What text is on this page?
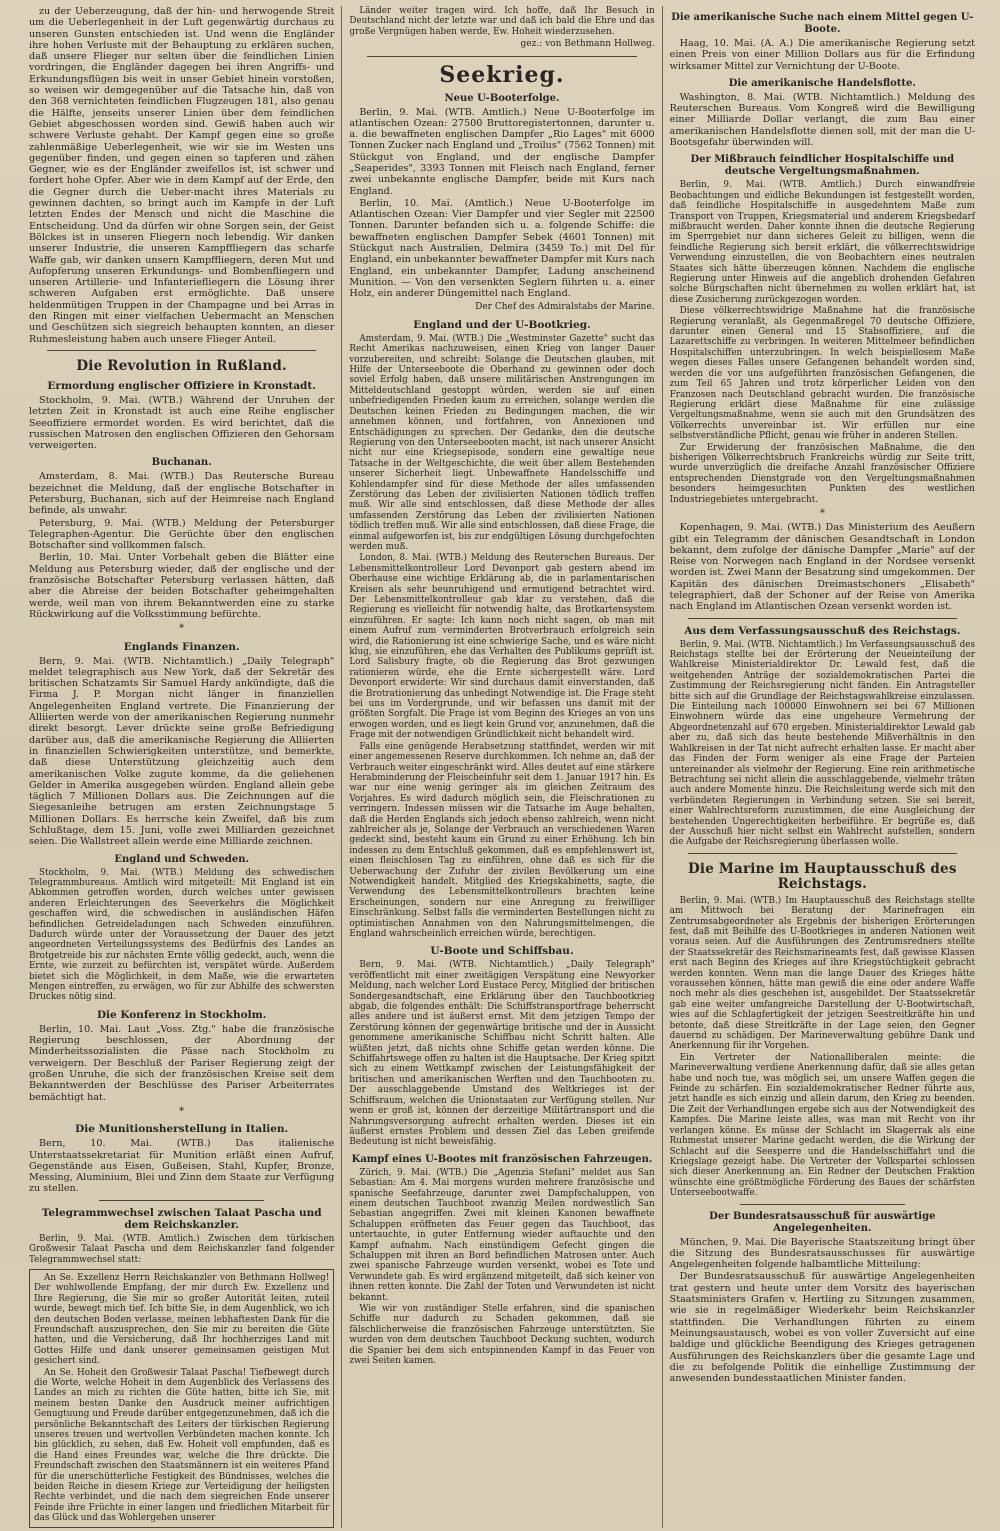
zu der Ueberzeugung, daß der hin- und herwogende Streit um die Ueberlegenheit in der Luft gegenwärtig durchaus zu unseren Gunsten entschieden ist. Und wenn die Engländer ihre hohen Verluste mit der Behauptung zu erklären suchen, daß unsere Flieger nur selten über die feindlichen Linien vordringen, die Engländer dagegen bei ihren Angriffs- und Erkundungsflügen bis weit in unser Gebiet hinein vorstoßen, so weisen wir demgegenüber auf die Tatsache hin, daß von den 368 vernichteten feindlichen Flugzeugen 181, also genau die Hälfte, jenseits unserer Linien über dem feindlichen Gebiet abgeschossen worden sind. Gewiß haben auch wir schwere Verluste gehabt. Der Kampf gegen eine so große zahlenmäßige Ueberlegenheit, wie wir sie im Westen uns gegenüber finden, und gegen einen so tapferen und zähen Gegner, wie es der Engländer zweifellos ist, ist schwer und fordert hohe Opfer. Aber wie in dem Kampf auf der Erde, den die Gegner durch die Ueber-macht ihres Materials zu gewinnen dachten, so bringt auch im Kampfe in der Luft letzten Endes der Mensch und nicht die Maschine die Entscheidung. Und da dürfen wir ohne Sorgen sein, der Geist Bölckes ist in unseren Fliegern noch lebendig. Wir danken unserer Industrie, die unseren Kampffliegern das scharfe Waffe gab, wir danken unsern Kampffliegern, deren Mut und Aufopferung unseren Erkundungs- und Bombenfliegern und unseren Artillerie- und Infanteriefliegern die Lösung ihrer schweren Aufgaben erst ermöglichte. Daß unsere heldenmütigen Truppen in der Champagne und bei Arras in den Ringen mit einer vielfachen Uebermacht an Menschen und Geschützen sich siegreich behaupten konnten, an dieser Ruhmesleistung haben auch unsere Flieger Anteil.

Die Revolution in Rußland.
Ermordung englischer Offiziere in Kronstadt.

Stockholm, 9. Mai. (WTB.) Während der Unruhen der letzten Zeit in Kronstadt ist auch eine Reihe englischer Seeoffiziere ermordet worden. Es wird berichtet, daß die russischen Matrosen den englischen Offizieren den Gehorsam verweigerten.

Buchanan.

Amsterdam, 8. Mai. (WTB.) Das Reutersche Bureau bezeichnet die Meldung, daß der englische Botschafter in Petersburg, Buchanan, sich auf der Heimreise nach England befinde, als unwahr.

Petersburg, 9. Mai. (WTB.) Meldung der Petersburger Telegraphen-Agentur. Die Gerüchte über den englischen Botschafter sind vollkommen falsch.

Berlin, 10. Mai. Unter Vorbehalt geben die Blätter eine Meldung aus Petersburg wieder, daß der englische und der französische Botschafter Petersburg verlassen hätten, daß aber die Abreise der beiden Botschafter geheimgehalten werde, weil man von ihrem Bekanntwerden eine zu starke Rückwirkung auf die Volksstimmung befürchte.

*
Englands Finanzen.

Bern, 9. Mai. (WTB. Nichtamtlich.) „Daily Telegraph" meldet telegraphisch aus New York, daß der Sekretär des britischen Schatzamts Sir Samuel Hardy ankündigte, daß die Firma J. P. Morgan nicht länger in finanziellen Angelegenheiten England vertrete. Die Finanzierung der Alliierten werde von der amerikanischen Regierung nunmehr direkt besorgt. Lever drückte seine große Befriedigung darüber aus, daß die amerikanische Regierung die Alliierten in finanziellen Schwierigkeiten unterstütze, und bemerkte, daß diese Unterstützung gleichzeitig auch dem amerikanischen Volke zugute komme, da die geliehenen Gelder in Amerika ausgegeben würden. England allein gebe täglich 7 Millionen Dollars aus. Die Zeichnungen auf die Siegesanleihe betrugen am ersten Zeichnungstage 5 Millionen Dollars. Es herrsche kein Zweifel, daß bis zum Schlußtage, dem 15. Juni, volle zwei Milliarden gezeichnet seien. Die Wallstreet allein werde eine Milliarde zeichnen.

England und Schweden.

Stockholm, 9. Mai. (WTB.) Meldung des schwedischen Telegrammbureaus. Amtlich wird mitgeteilt: Mit England ist ein Abkommen getroffen worden, durch welches unter gewissen anderen Erleichterungen des Seeverkehrs die Möglichkeit geschaffen wird, die schwedischen in ausländischen Häfen befindlichen Getreideladungen nach Schweden einzuführen. Dadurch würde unter der Voraussetzung der Dauer des jetzt angeordneten Verteilungssystems des Bedürfnis des Landes an Brotgetreide bis zur nächsten Ernte völlig gedeckt, auch, wenn die Ernte, wie zurzeit zu befürchten ist, verspätet würde. Außerdem bietet sich die Möglichkeit, in dem Maße, wie die erwarteten Mengen eintreffen, zu erwägen, wo für zur Abhilfe des schwersten Druckes nötig sind.

Die Konferenz in Stockholm.

Berlin, 10. Mai. Laut „Voss. Ztg." habe die französische Regierung beschlossen, der Abordnung der Minderheitssozialisten die Pässe nach Stockholm zu verweigern. Der Beschluß der Pariser Regierung zeigt der großen Unruhe, die sich der französischen Kreise seit dem Bekanntwerden der Beschlüsse des Pariser Arbeiterrates bemächtigt hat.

*
Die Munitionsherstellung in Italien.

Bern, 10. Mai. (WTB.) Das italienische Unterstaatssekretariat für Munition erläßt einen Aufruf, Gegenstände aus Eisen, Gußeisen, Stahl, Kupfer, Bronze, Messing, Aluminium, Blei und Zinn dem Staate zur Verfügung zu stellen.

Telegrammwechsel zwischen Talaat Pascha und dem Reichskanzler.

Berlin, 9. Mai. (WTB. Amtlich.) Zwischen dem türkischen Großwesir Talaat Pascha und dem Reichskanzler fand folgender Telegrammwechsel statt:

An Se. Exzellenz Herrn Reichskanzler von Bethmann Hollweg! Der wohlwollende Empfang, der mir durch Ew. Exzellenz und Ihre Regierung, die Sie mir so großer Autorität leiten, zuteil wurde, bewegt mich tief. Ich bitte Sie, in dem Augenblick, wo ich den deutschen Boden verlasse, meinen lebhaftesten Dank für die Freundschaft auszusprechen, den Sie mir zu bereiten die Güte hatten, und die Versicherung, daß Ihr hochherziges Land mit Gottes Hilfe und dank unserer gemeinsamen geistigen Mut gesichert sind.

An Se. Hoheit den Großwesir Talaat Pascha! Tiefbewegt durch die Worte, welche Hoheit in dem Augenblick des Verlassens des Landes an mich zu richten die Güte hatten, bitte ich Sie, mit meinem besten Danke den Ausdruck meiner aufrichtigen Genugtuung und Freude darüber entgegenzunehmen, daß ich die persönliche Bekanntschaft des Leiters der türkischen Regierung unseres treuen und wertvollen Verbündeten machen konnte. Ich bin glücklich, zu sehen, daß Ew. Hoheit voll empfunden, daß es die Hand eines Freundes war, welche die Ihre drückte. Die Freundschaft zwischen den Staatsmännern ist ein weiteres Pfand für die unerschütterliche Festigkeit des Bündnisses, welches die beiden Reiche in diesem Kriege zur Verteidigung der heiligsten Rechte verbindet, und die nach dem siegreichen Ende unserer Feinde ihre Früchte in einer langen und friedlichen Mitarbeit für das Glück und das Wohlergehen unserer

Länder weiter tragen wird. Ich hoffe, daß Ihr Besuch in Deutschland nicht der letzte war und daß ich bald die Ehre und das große Vergnügen haben werde, Ew. Hoheit wiederzusehen.

gez.: von Bethmann Hollweg.
Seekrieg.
Neue U-Booterfolge.

Berlin, 9. Mai. (WTB. Amtlich.) Neue U-Booterfolge im atlantischen Ozean: 27500 Bruttoregistertonnen, darunter u. a. die bewaffneten englischen Dampfer „Rio Lages" mit 6000 Tonnen Zucker nach England und „Troilus" (7562 Tonnen) mit Stückgut von England, und der englische Dampfer „Seaperides", 3393 Tonnen mit Fleisch nach England, ferner zwei unbekannte englische Dampfer, beide mit Kurs nach England.

Berlin, 10. Mai. (Amtlich.) Neue U-Booterfolge im Atlantischen Ozean: Vier Dampfer und vier Segler mit 22500 Tonnen. Darunter befanden sich u. a. folgende Schiffe: die bewaffneten englischen Dampfer Sebek (4601 Tonnen) mit Stückgut nach Australien, Delmira (3459 To.) mit Del für England, ein unbekannter bewaffneter Dampfer mit Kurs nach England, ein unbekannter Dampfer, Ladung anscheinend Munition. — Von den versenkten Seglern führten u. a. einer Holz, ein anderer Düngemittel nach England.

Der Chef des Admiralstabs der Marine.
England und der U-Bootkrieg.

Amsterdam, 9. Mai. (WTB.) Die „Westminster Gazette" sucht das Recht Amerikas nachzuweisen, einen Krieg von langer Dauer vorzubereiten, und schreibt: Solange die Deutschen glauben, mit Hilfe der Unterseeboote die Oberhand zu gewinnen oder doch soviel Erfolg haben, daß unsere militärischen Anstrengungen im Mitteldeutschland gestoppt würden, werden sie auf einen unbefriedigenden Frieden kaum zu erreichen, solange werden die Deutschen keinen Frieden zu Bedingungen machen, die wir annehmen können, und fortfahren, von Annexionen und Entschädigungen zu sprechen. Der Gedanke, den die deutsche Regierung von den Unterseebooten macht, ist nach unserer Ansicht nicht nur eine Kriegsepisode, sondern eine gewaltige neue Tatsache in der Weltgeschichte, die weit über allem Bestehenden unserer Sicherheit liegt. Unbewaffnete Handelsschiffe und Kohlendampfer sind für diese Methode der alles umfassenden Zerstörung das Leben der zivilisierten Nationen tödlich treffen muß. Wir alle sind entschlossen, daß diese Methode der alles umfassenden Zerstörung das Leben der zivilisierten Nationen tödlich treffen muß. Wir alle sind entschlossen, daß diese Frage, die einmal aufgeworfen ist, bis zur endgültigen Lösung durchgefochten werden muß.

London, 8. Mai. (WTB.) Meldung des Reuterschen Bureaus. Der Lebensmittelkontrolleur Lord Devonport gab gestern abend im Oberhause eine wichtige Erklärung ab, die in parlamentarischen Kreisen als sehr beunruhigend und ermutigend betrachtet wird. Der Lebensmittelkontrolleur gab klar zu verstehen, daß die Regierung es vielleicht für notwendig halte, das Brotkartensystem einzuführen. Er sagte: Ich kann noch nicht sagen, ob man mit einem Aufruf zum verminderten Brotverbrauch erfolgreich sein wird, die Rationierung ist eine schwierige Sache, und es wäre nicht klug, sie einzuführen, ehe das Verhalten des Publikums geprüft ist. Lord Salisbury fragte, ob die Regierung das Brot gezwungen rationieren würde, ehe die Ernte sichergestellt wäre. Lord Devonport erwiderte: Wir sind durchaus damit einverstanden, daß die Brotrationierung das unbedingt Notwendige ist. Die Frage steht bei uns im Vordergrunde, und wir befassen uns damit mit der größten Sorgfalt. Die Frage ist vom Beginn des Krieges an von uns erwogen worden, und es liegt kein Grund vor, anzunehmen, daß die Frage mit der notwendigen Gründlichkeit nicht behandelt wird.

Falls eine genügende Herabsetzung stattfindet, werden wir mit einer angemessenen Reserve durchkommen. Ich nehme an, daß der Verbrauch weiter eingeschränkt wird. Alles deutet auf eine stärkere Herabminderung der Fleischeinfuhr seit dem 1. Januar 1917 hin. Es war nur eine wenig geringer als im gleichen Zeitraum des Vorjahres. Es wird dadurch möglich sein, die Fleischrationen zu verringern. Indessen müssen wir die Tatsache im Auge behalten, daß die Herden Englands sich jedoch ebenso zahlreich, wenn nicht zahlreicher als je, Solange der Verbrauch an verschiedenen Waren gedeckt sind, besteht kaum ein Grund zu einer Erhöhung. Ich bin indessen zu dem Entschluß gekommen, daß es empfehlenswert ist, einen fleischlosen Tag zu einführen, ohne daß es sich für die Ueberwachung der Zufuhr der zivilen Bevölkerung um eine Notwendigkeit handelt. Mitglied des Kriegskabinetts, sagte, die Verwendung des Lebensmittelkontrolleurs brachten keine Erscheinungen, sondern nur eine Anregung zu freiwilliger Einschränkung. Selbst falls die verminderten Bestellungen nicht zu optimistischen Annahmen von den Nahrungsmittelmengen, die England wahrscheinlich erreichen würde, berechtigen.

U-Boote und Schiffsbau.

Bern, 9. Mai. (WTB. Nichtamtlich.) „Daily Telegraph" veröffentlicht mit einer zweitägigen Verspätung eine Newyorker Meldung, nach welcher Lord Eustace Percy, Mitglied der britischen Sondergesandtschaft, eine Erklärung über den Tauchbootkrieg abgab, die folgendes enthält: Die Schiffstransportfrage beherrscht alles andere und ist äußerst ernst. Mit dem jetzigen Tempo der Zerstörung können der gegenwärtige britische und der in Aussicht genommene amerikanische Schiffbau nicht Schritt halten. Alle wüßten jetzt, daß nichts ohne Schiffe getan werden könne. Die Schiffahrtswege offen zu halten ist die Hauptsache. Der Krieg spitzt sich zu einem Wettkampf zwischen der Leistungsfähigkeit der britischen und amerikanischen Werften und den Tauchbooten zu. Der ausschlaggebende Umstand des Weltkrieges ist der Schiffsraum, welchen die Unionstaaten zur Verfügung stellen. Nur wenn er groß ist, können der derzeitige Militärtransport und die Nahrungsversorgung aufrecht erhalten werden. Dieses ist ein äußerst ernstes Problem und dessen Ziel das Leben greifende Bedeutung ist nicht beweisfähig.

Kampf eines U-Bootes mit französischen Fahrzeugen.

Zürich, 9. Mai. (WTB.) Die „Agenzia Stefani" meldet aus San Sebastian: Am 4. Mai morgens wurden mehrere französische und spanische Seefahrzeuge, darunter zwei Dampfschaluppen, von einem deutschen Tauchboot zwanzig Meilen nordwestlich San Sebastian angegriffen. Zwei mit kleinen Kanonen bewaffnete Schaluppen eröffneten das Feuer gegen das Tauchboot, das untertauchte, in guter Entfernung wieder auftauchte und den Kampf aufnahm. Nach einstündigem Gefecht gingen die Schaluppen mit ihren an Bord befindlichen Matrosen unter. Auch zwei spanische Fahrzeuge wurden versenkt, wobei es Tote und Verwundete gab. Es wird ergänzend mitgeteilt, daß sich keiner von ihnen retten konnte. Die Zahl der Toten und Verwundeten ist nicht bekannt.

Wie wir von zuständiger Stelle erfahren, sind die spanischen Schiffe nur dadurch zu Schaden gekommen, daß sie fälschlicherweise die französischen Fahrzeuge unterstützten. Sie wurden von dem deutschen Tauchboot Deckung suchten, wodurch die Spanier bei dem sich entspinnenden Kampf in das Feuer von zwei Seiten kamen.

Die amerikanische Suche nach einem Mittel gegen U-Boote.

Haag, 10. Mai. (A. A.) Die amerikanische Regierung setzt einen Preis von einer Million Dollars aus für die Erfindung wirksamer Mittel zur Vernichtung der U-Boote.

Die amerikanische Handelsflotte.

Washington, 8. Mai. (WTB. Nichtamtlich.) Meldung des Reuterschen Bureaus. Vom Kongreß wird die Bewilligung einer Milliarde Dollar verlangt, die zum Bau einer amerikanischen Handelsflotte dienen soll, mit der man die U-Bootsgefahr überwinden will.

Der Mißbrauch feindlicher Hospitalschiffe und deutsche Vergeltungsmaßnahmen.

Berlin, 9. Mai. (WTB. Amtlich.) Durch einwandfreie Beobachtungen und eidliche Bekundungen ist festgestellt worden, daß feindliche Hospitalschiffe in ausgedehntem Maße zum Transport von Truppen, Kriegsmaterial und anderem Kriegsbedarf mißbraucht werden. Daher konnte ihnen die deutsche Regierung im Sperrgebiet nur dann sicheres Geleit zu billigen, wenn die feindliche Regierung sich bereit erklärt, die völkerrechtswidrige Verwendung einzustellen, die von Beobachtern eines neutralen Staates sich hätte überzeugen können. Nachdem die englische Regierung unter Hinweis auf die angeblich drohenden Gefahren solche Bürgschaften nicht übernehmen zu wollen erklärt hat, ist diese Zusicherung zurückgezogen worden.

Diese völkerrechtswidrige Maßnahme hat die französische Regierung veranlaßt, als Gegenmaßregel 70 deutsche Offiziere, darunter einen General und 15 Stabsoffiziere, auf die Lazarettschiffe zu verbringen. In weiteren Mittelmeer befindlichen Hospitalschiffen unterzubringen. In welch beispiellosem Maße wegen dieses Falles unsere Gefangenen behandelt worden sind, werden die vor uns aufgeführten französischen Gefangenen, die zum Teil 65 Jahren und trotz körperlicher Leiden von den Franzosen nach Deutschland gebracht wurden. Die französische Regierung erklärt diese Maßnahme für eine zulässige Vergeltungsmaßnahme, wenn sie auch mit den Grundsätzen des Völkerrechts unvereinbar ist. Wir erfüllen nur eine selbstverständliche Pflicht, genau wie früher in anderen Stellen.

Zur Erwiderung der französischen Maßnahme, die den bisherigen Völkerrechtsbruch Frankreichs würdig zur Seite tritt, wurde unverzüglich die dreifache Anzahl französischer Offiziere entsprechenden Dienstgrade von den Vergeltungsmaßnahmen besonders heimgesuchten Punkten des westlichen Industriegebietes untergebracht.

*

Kopenhagen, 9. Mai. (WTB.) Das Ministerium des Aeußern gibt ein Telegramm der dänischen Gesandtschaft in London bekannt, dem zufolge der dänische Dampfer „Marie" auf der Reise von Norwegen nach England in der Nordsee versenkt worden ist. Zwei Mann der Besatzung sind umgekommen. Der Kapitän des dänischen Dreimastschoners „Elisabeth" telegraphiert, daß der Schoner auf der Reise von Amerika nach England im Atlantischen Ozean versenkt worden ist.

Aus dem Verfassungsausschuß des Reichstags.

Berlin, 9. Mai. (WTB. Nichtamtlich.) Im Verfassungsausschuß des Reichstags stellte bei der Erörterung der Neueinteilung der Wahlkreise Ministerialdirektor Dr. Lewald fest, daß die weitgehenden Anträge der sozialdemokratischen Partei die Zustimmung der Reichsregierung nicht fänden. Ein Antragsteller bitte sich auf die Grundlage der Reichstagswahlkreise einzulassen. Die Einteilung nach 100000 Einwohnern sei bei 67 Millionen Einwohnern würde das eine ungeheure Vermehrung der Abgeordnetenzahl auf 670 ergeben. Ministerialdirektor Lewald gab aber zu, daß sich das heute bestehende Mißverhältnis in den Wahlkreisen in der Tat nicht aufrecht erhalten lasse. Er macht aber das Finden der Form weniger als eine Frage der Parteien untereinander als vielmehr der Regierung. Eine rein arithmetische Betrachtung sei nicht allein die ausschlaggebende, vielmehr träten auch andere Momente hinzu. Die Reichsleitung werde sich mit den verbündeten Regierungen in Verbindung setzen. Sie sei bereit, einer Wahlrechtsreform zuzustimmen, die eine Ausgleichung der bestehenden Ungerechtigkeiten herbeiführe. Er begrüße es, daß der Ausschuß hier nicht selbst ein Wahlrecht aufstellen, sondern die Aufgabe der Reichsregierung überlassen wolle.

Die Marine im Hauptausschuß des Reichstags.

Berlin, 9. Mai. (WTB.) Im Hauptausschuß des Reichstags stellte am Mittwoch bei Beratung der Marinefragen ein Zentrumsabgeordneter als Ergebnis der bisherigen Erörterungen fest, daß mit Beihilfe des U-Bootkrieges in anderen Nationen weit voraus seien. Auf die Ausführungen des Zentrumsredners stellte der Staatssekretär des Reichsmarineamts fest, daß gewisse Klassen erst nach Beginn des Krieges auf ihre Kriegstüchtigkeit gebracht werden konnten. Wenn man die lange Dauer des Krieges hätte voraussehen können, hätte man gewiß die eine oder andere Waffe noch mehr als dies geschehen ist, ausgebildet. Der Staatssekretär gab eine weiter umfangreiche Darstellung der U-Bootwirtschaft, wies auf die Schlagfertigkeit der jetzigen Seestreitkräfte hin und betonte, daß diese Streitkräfte in der Lage seien, den Gegner dauernd zu schädigen. Der Marineverwaltung gebühre Dank und Anerkennung für ihr Vorgehen.

Ein Vertreter der Nationalliberalen meinte: die Marineverwaltung verdiene Anerkennung dafür, daß sie alles getan habe und noch tue, was möglich sei, um unsere Waffen gegen die Feinde zu schärfen. Ein sozialdemokratischer Redner führte aus, jetzt handle es sich einzig und allein darum, den Krieg zu beenden. Die Zeit der Verhandlungen ergebe sich aus der Notwendigkeit des Kampfes. Die Marine leiste alles, was man mit Recht von ihr verlangen könne. Es müsse der Schlacht im Skagerrak als eine Ruhmestat unserer Marine gedacht werden, die die Wirkung der Schlacht auf die Seesperre und die Handelsschiffahrt und die Kriegslage gezeigt habe. Die Vertreter der Volkspartei schlossen sich dieser Anerkennung an. Ein Redner der Deutschen Fraktion wünschte eine größtmögliche Förderung des Baues der schärfsten Unterseebootwaffe.

Der Bundesratsausschuß für auswärtige Angelegenheiten.

München, 9. Mai. Die Bayerische Staatszeitung bringt über die Sitzung des Bundesratsausschusses für auswärtige Angelegenheiten folgende halbamtliche Mitteilung:

Der Bundesratsausschuß für auswärtige Angelegenheiten trat gestern und heute unter dem Vorsitz des bayerischen Staatsministers Grafen v. Hertling zu Sitzungen zusammen, wie sie in regelmäßiger Wiederkehr beim Reichskanzler stattfinden. Die Verhandlungen führten zu einem Meinungsaustausch, wobei es von voller Zuversicht auf eine baldige und glückliche Beendigung des Krieges getragenen Ausführungen des Reichskanzlers über die gesamte Lage und die zu befolgende Politik die einhellige Zustimmung der anwesenden bundesstaatlichen Minister fanden.
